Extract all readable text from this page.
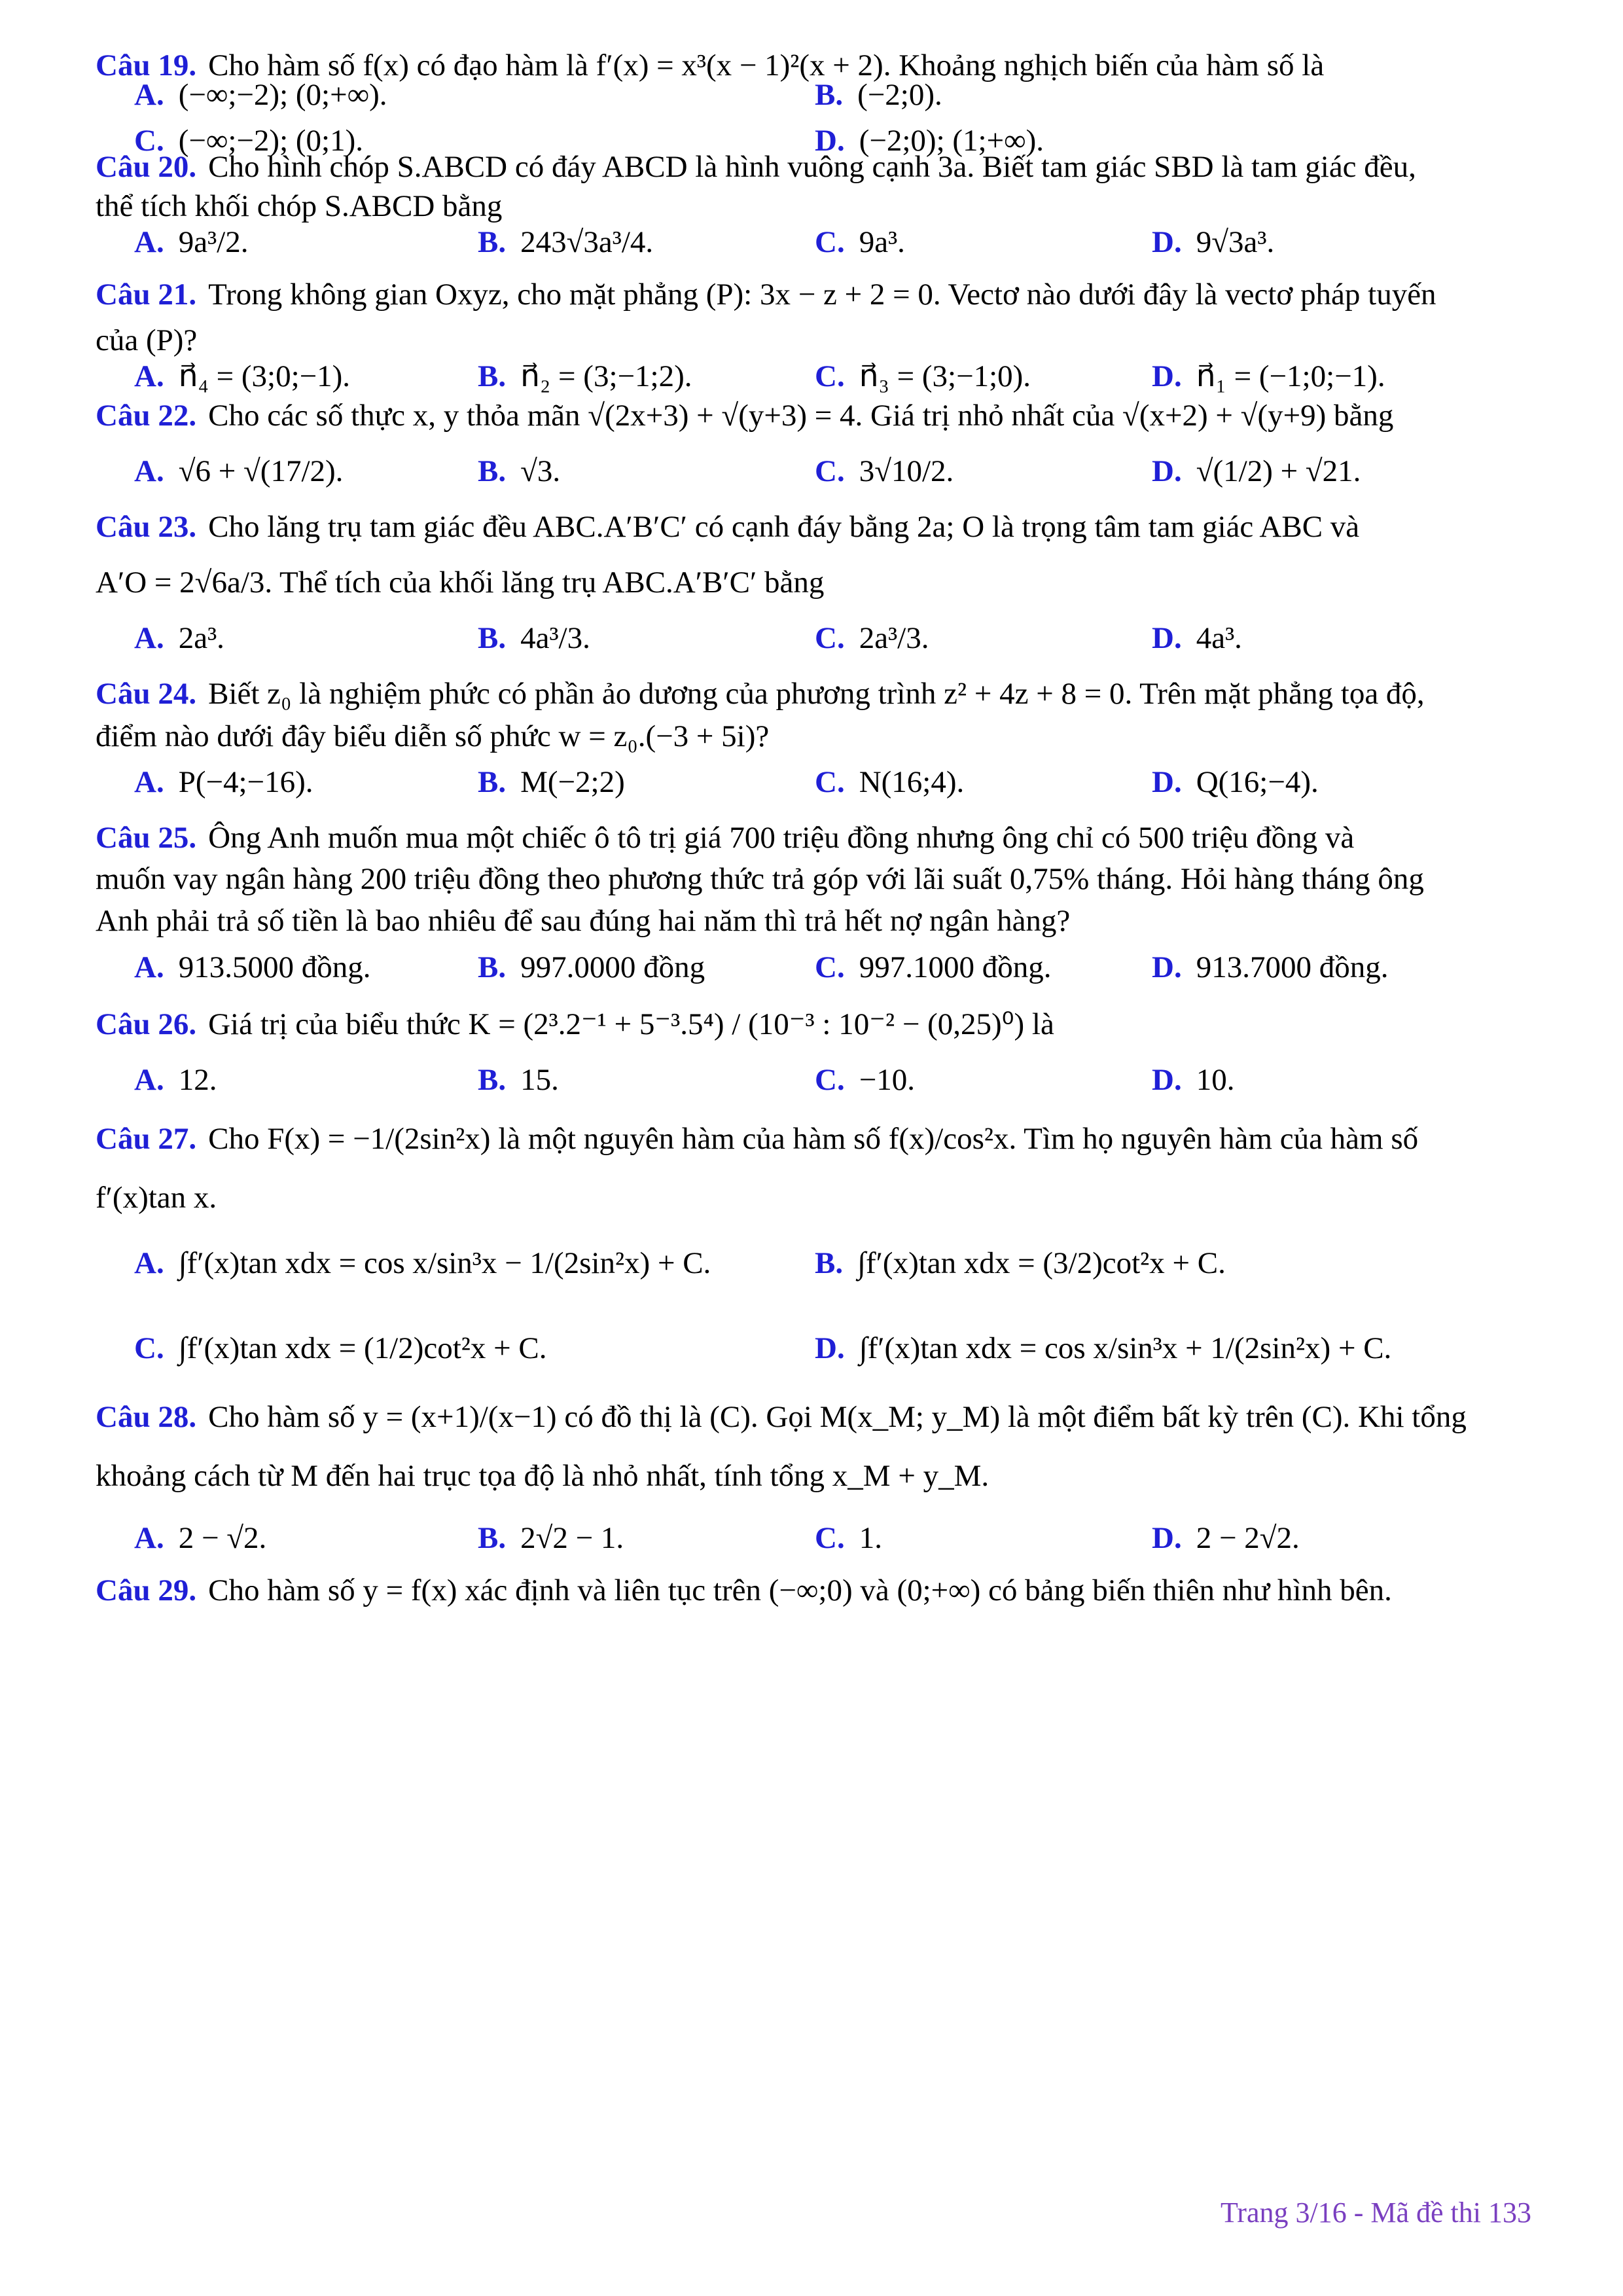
Câu 19. Cho hàm số f(x) có đạo hàm là f′(x) = x³(x − 1)²(x + 2). Khoảng nghịch biến của hàm số là
A. (−∞;−2); (0;+∞).	B. (−2;0).
C. (−∞;−2); (0;1).	D. (−2;0); (1;+∞).
Câu 20. Cho hình chóp S.ABCD có đáy ABCD là hình vuông cạnh 3a. Biết tam giác SBD là tam giác đều,
thể tích khối chóp S.ABCD bằng
A. 9a³/2.	B. 243√3a³/4.	C. 9a³.	D. 9√3a³.
Câu 21. Trong không gian Oxyz, cho mặt phẳng (P): 3x − z + 2 = 0. Vectơ nào dưới đây là vectơ pháp tuyến
của (P)?
A. n⃗₄ = (3;0;−1).	B. n⃗₂ = (3;−1;2).	C. n⃗₃ = (3;−1;0).	D. n⃗₁ = (−1;0;−1).
Câu 22. Cho các số thực x, y thỏa mãn √(2x+3) + √(y+3) = 4. Giá trị nhỏ nhất của √(x+2) + √(y+9) bằng
A. √6 + √(17/2).	B. √3.	C. 3√10/2.	D. √(1/2) + √21.
Câu 23. Cho lăng trụ tam giác đều ABC.A′B′C′ có cạnh đáy bằng 2a; O là trọng tâm tam giác ABC và
A′O = 2√6a/3. Thể tích của khối lăng trụ ABC.A′B′C′ bằng
A. 2a³.	B. 4a³/3.	C. 2a³/3.	D. 4a³.
Câu 24. Biết z₀ là nghiệm phức có phần ảo dương của phương trình z² + 4z + 8 = 0. Trên mặt phẳng tọa độ,
điểm nào dưới đây biểu diễn số phức w = z₀.(−3 + 5i)?
A. P(−4;−16).	B. M(−2;2)	C. N(16;4).	D. Q(16;−4).
Câu 25. Ông Anh muốn mua một chiếc ô tô trị giá 700 triệu đồng nhưng ông chỉ có 500 triệu đồng và
muốn vay ngân hàng 200 triệu đồng theo phương thức trả góp với lãi suất 0,75% tháng. Hỏi hàng tháng ông
Anh phải trả số tiền là bao nhiêu để sau đúng hai năm thì trả hết nợ ngân hàng?
A. 913.5000 đồng.	B. 997.0000 đồng	C. 997.1000 đồng.	D. 913.7000 đồng.
Câu 26. Giá trị của biểu thức K = (2³.2⁻¹ + 5⁻³.5⁴) / (10⁻³ : 10⁻² − (0,25)⁰) là
A. 12.	B. 15.	C. −10.	D. 10.
Câu 27. Cho F(x) = −1/(2sin²x) là một nguyên hàm của hàm số f(x)/cos²x. Tìm họ nguyên hàm của hàm số
f′(x)tan x.
A. ∫f′(x)tan xdx = cos x/sin³x − 1/(2sin²x) + C.	B. ∫f′(x)tan xdx = (3/2)cot²x + C.
C. ∫f′(x)tan xdx = (1/2)cot²x + C.	D. ∫f′(x)tan xdx = cos x/sin³x + 1/(2sin²x) + C.
Câu 28. Cho hàm số y = (x+1)/(x−1) có đồ thị là (C). Gọi M(x_M; y_M) là một điểm bất kỳ trên (C). Khi tổng
khoảng cách từ M đến hai trục tọa độ là nhỏ nhất, tính tổng x_M + y_M.
A. 2 − √2.	B. 2√2 − 1.	C. 1.	D. 2 − 2√2.
Câu 29. Cho hàm số y = f(x) xác định và liên tục trên (−∞;0) và (0;+∞) có bảng biến thiên như hình bên.
Trang 3/16 - Mã đề thi 133
